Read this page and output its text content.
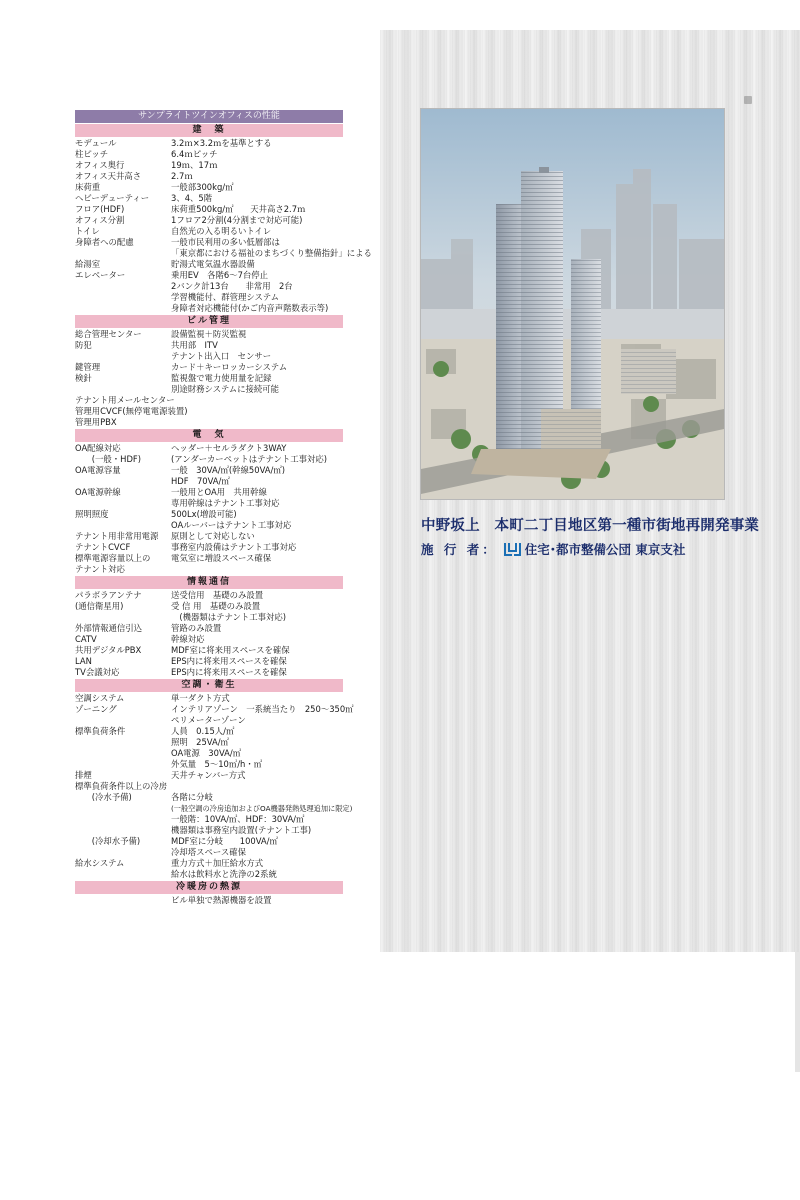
サンプライトツインオフィスの性能
建　築
モデュール	3.2ｍ×3.2ｍを基準とする
柱ピッチ	6.4ｍピッチ
オフィス奥行	19ｍ、17ｍ
オフィス天井高さ	2.7ｍ
床荷重	一般部300kg/㎡
ヘビーデューティー	3、4、5階
フロア(HDF)	床荷重500kg/㎡　　天井高さ2.7ｍ
オフィス分割	1フロア2分割(4分割まで対応可能)
トイレ	自然光の入る明るいトイレ
身障者への配慮	一般市民利用の多い低層部は
「東京都における福祉のまちづくり整備指針」による
給湯室	貯湯式電気温水器設備
エレベーター	乗用EV　各階6〜7台停止
2バンク計13台　　非常用　2台
学習機能付、群管理システム
身障者対応機能付(かご内音声階数表示等)
ビル管理
総合管理センター	設備監視＋防災監視
防犯	共用部　ITV
テナント出入口　センサー
鍵管理	カード＋キーロッカーシステム
検針	監視盤で電力使用量を記録
別途財務システムに接続可能
テナント用メールセンター
管理用CVCF(無停電電源装置)
管理用PBX
電　気
OA配線対応	ヘッダー＋セルラダクト3WAY
　　(一般・HDF)	(アンダーカーペットはテナント工事対応)
OA電源容量	一般　30VA/㎡(幹線50VA/㎡)
HDF　70VA/㎡
OA電源幹線	一般用とOA用　共用幹線
専用幹線はテナント工事対応
照明照度	500Lx(増設可能)
OAルーバーはテナント工事対応
テナント用非常用電源	原則として対応しない
テナントCVCF	事務室内設備はテナント工事対応
標準電源容量以上の	電気室に増設スペース確保
テナント対応
情報通信
パラボラアンテナ	送受信用　基礎のみ設置
(通信衛星用)	受 信 用　基礎のみ設置
　(機器類はテナント工事対応)
外部情報通信引込	管路のみ設置
CATV	幹線対応
共用デジタルPBX	MDF室に将来用スペースを確保
LAN	EPS内に将来用スペースを確保
TV会議対応	EPS内に将来用スペースを確保
空調・衛生
空調システム	単一ダクト方式
ゾーニング	インテリアゾーン　一系統当たり　250〜350㎡
ペリメーターゾーン
標準負荷条件	人員　0.15人/㎡
照明　25VA/㎡
OA電源　30VA/㎡
外気量　5〜10㎥/h・㎡
排煙	天井チャンバー方式
標準負荷条件以上の冷房
　　(冷水予備)	各階に分岐
(一般空調の冷房追加およびOA機器発熱処理追加に限定)
一般階：10VA/㎡、HDF：30VA/㎡
機器類は事務室内設置(テナント工事)
　　(冷却水予備)	MDF室に分岐　　100VA/㎡
冷却塔スペース確保
給水システム	重力方式＋加圧給水方式
給水は飲料水と洗浄の2系統
冷暖房の熱源
ビル単独で熱源機器を設置
中野坂上　本町二丁目地区第一種市街地再開発事業
施 行 者： 住宅･都市整備公団 東京支社
